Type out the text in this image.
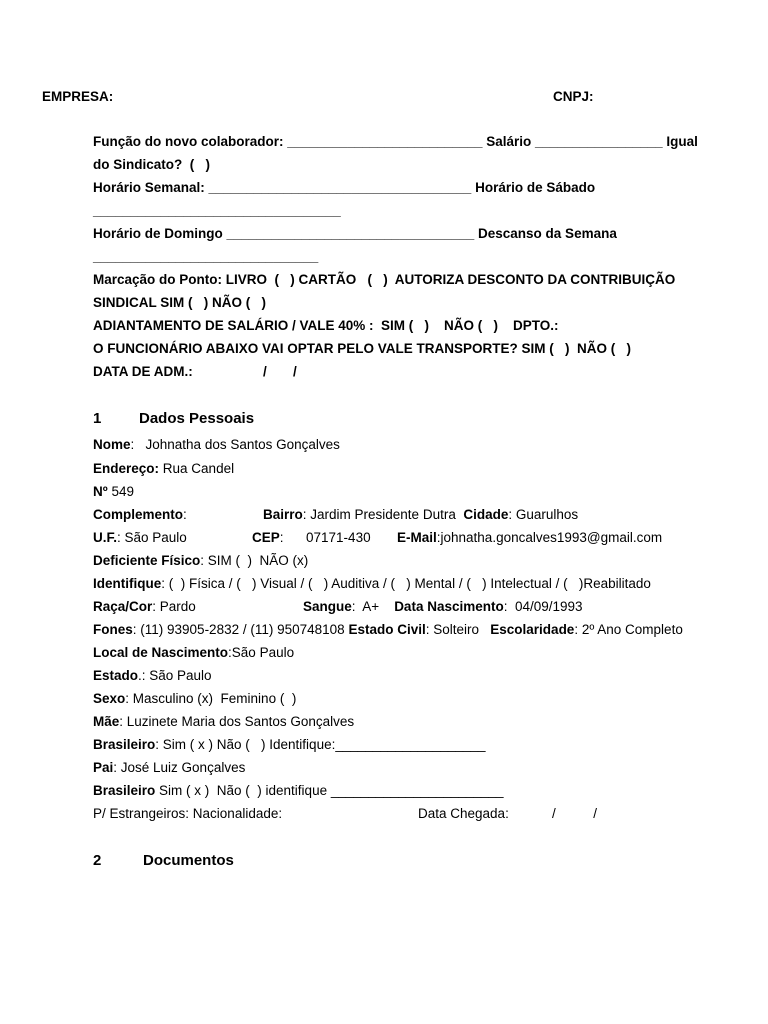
EMPRESA:	CNPJ:
Função do novo colaborador: __________________________ Salário _________________ Igual
do Sindicato?  (   )
Horário Semanal: ___________________________________ Horário de Sábado
_________________________________
Horário de Domingo _________________________________ Descanso da Semana
______________________________
Marcação do Ponto: LIVRO  (   ) CARTÃO   (   )  AUTORIZA DESCONTO DA CONTRIBUIÇÃO
SINDICAL SIM (   ) NÃO (   )
ADIANTAMENTO DE SALÁRIO / VALE 40% :  SIM (   )    NÃO (   )    DPTO.:
O FUNCIONÁRIO ABAIXO VAI OPTAR PELO VALE TRANSPORTE? SIM (   )  NÃO (   )
DATA DE ADM.:	/       /
1	Dados Pessoais
Nome:   Johnatha dos Santos Gonçalves
Endereço: Rua Candel
Nº 549
Complemento:	Bairro: Jardim Presidente Dutra Cidade: Guarulhos
U.F.: São Paulo	CEP:      07171-430 E-Mail:johnatha.goncalves1993@gmail.com
Deficiente Físico: SIM (  )  NÃO (x)
Identifique: (  ) Física / (   ) Visual / (   ) Auditiva / (   ) Mental / (   ) Intelectual / (   )Reabilitado
Raça/Cor: Pardo	Sangue:  A+ Data Nascimento:  04/09/1993
Fones: (11) 93905-2832 / (11) 950748108 Estado Civil: Solteiro Escolaridade: 2º Ano Completo
Local de Nascimento:São Paulo
Estado.: São Paulo
Sexo: Masculino (x)  Feminino (  )
Mãe: Luzinete Maria dos Santos Gonçalves
Brasileiro: Sim ( x ) Não (   ) Identifique:____________________
Pai: José Luiz Gonçalves
Brasileiro Sim ( x )  Não (  ) identifique _______________________
P/ Estrangeiros: Nacionalidade:	Data Chegada:	/          /
2	Documentos
